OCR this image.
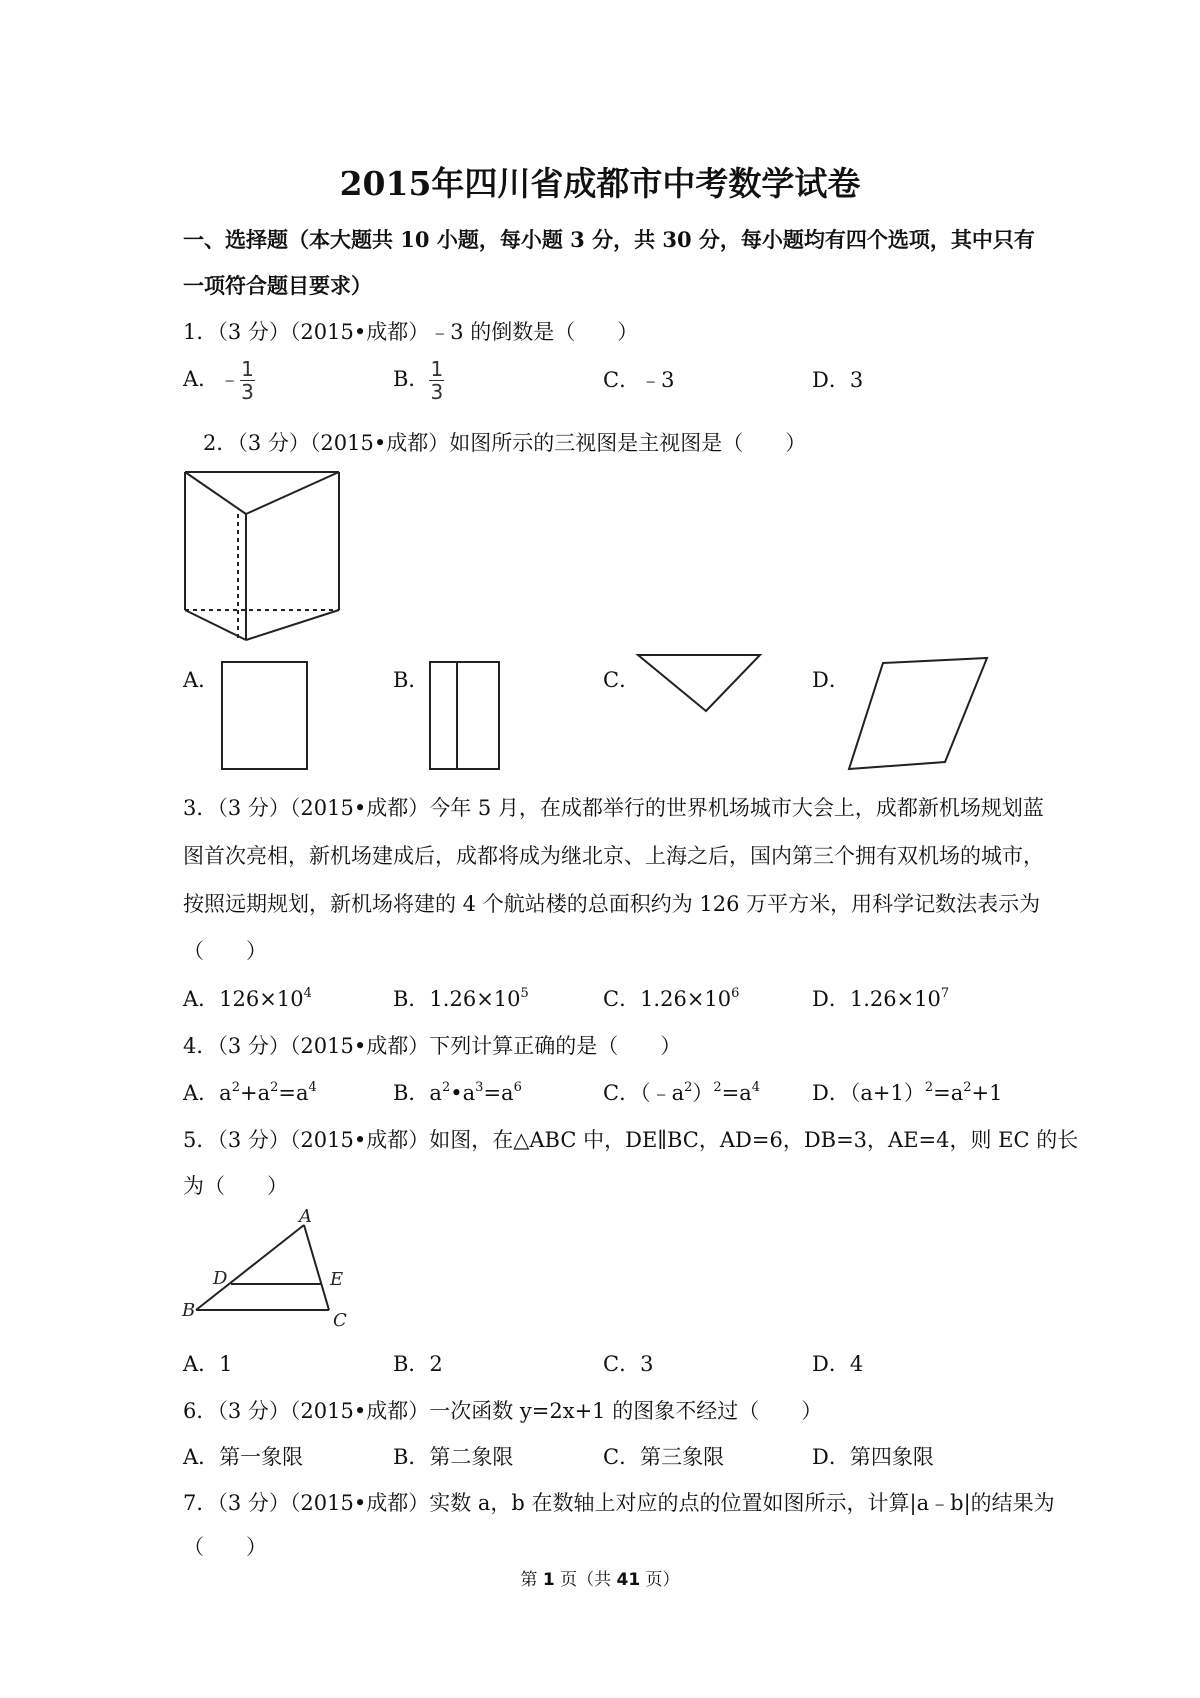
2015年四川省成都市中考数学试卷
一、选择题（本大题共 10 小题，每小题 3 分，共 30 分，每小题均有四个选项，其中只有
一项符合题目要求）
1．（3 分）（2015•成都）﹣3 的倒数是（　　）
A．﹣ $\frac{1}{3}$	B． $\frac{1}{3}$	C．﹣3	D．3
2．（3 分）（2015•成都）如图所示的三视图是主视图是（　　）
A．	B．	C．	D．
3．（3 分）（2015•成都）今年 5 月，在成都举行的世界机场城市大会上，成都新机场规划蓝
图首次亮相，新机场建成后，成都将成为继北京、上海之后，国内第三个拥有双机场的城市，
按照远期规划，新机场将建的 4 个航站楼的总面积约为 126 万平方米，用科学记数法表示为
（　　）
A．$126\times 10^4$	B．$1.26\times 10^5$	C．$1.26\times 10^6$	D．$1.26\times 10^7$
4．（3 分）（2015•成都）下列计算正确的是（　　）
A．$a^2+a^2=a^4$	B．$a^2•a^3=a^6$	C．$(﹣a^2)^2=a^4$ D．$(a+1)^2=a^2+1$
5．（3 分）（2015•成都）如图，在△ABC 中，DE∥BC，AD=6，DB=3，AE=4，则 EC 的长
为（　　）
A
B	C
D	E
A．1	B．2	C．3	D．4
6．（3 分）（2015•成都）一次函数 y=2x+1 的图象不经过（　　）
A．第一象限	B．第二象限	C．第三象限	D．第四象限
7．（3 分）（2015•成都）实数 a，b 在数轴上对应的点的位置如图所示，计算|a﹣b|的结果为
（　　）
第 1 页（共 41 页）
